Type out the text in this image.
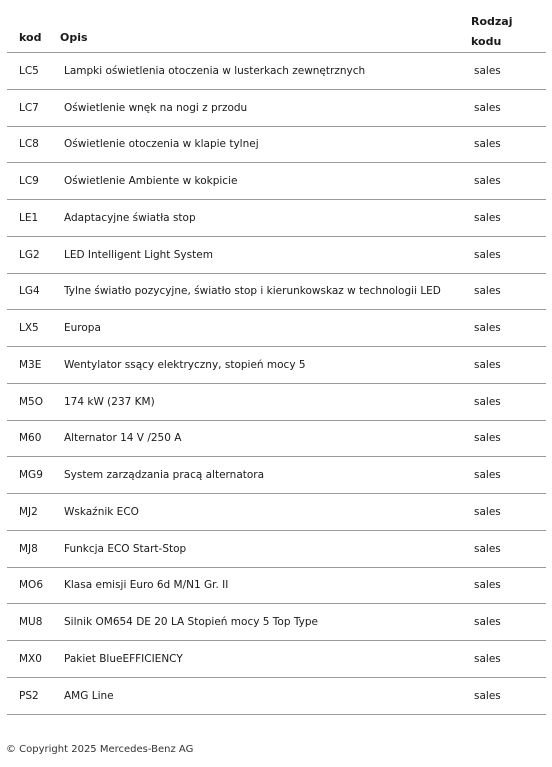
kod Opis
Rodzaj
kodu
LC5 Lampki oświetlenia otoczenia w lusterkach zewnętrznych	sales
LC7 Oświetlenie wnęk na nogi z przodu	sales
LC8 Oświetlenie otoczenia w klapie tylnej	sales
LC9 Oświetlenie Ambiente w kokpicie	sales
LE1 Adaptacyjne światła stop	sales
LG2 LED Intelligent Light System	sales
LG4 Tylne światło pozycyjne, światło stop i kierunkowskaz w technologii LED	sales
LX5 Europa	sales
M3E Wentylator ssący elektryczny, stopień mocy 5	sales
M5O 174 kW (237 KM)	sales
M60 Alternator 14 V /250 A	sales
MG9 System zarządzania pracą alternatora	sales
MJ2 Wskaźnik ECO	sales
MJ8 Funkcja ECO Start-Stop	sales
MO6 Klasa emisji Euro 6d M/N1 Gr. II	sales
MU8 Silnik OM654 DE 20 LA Stopień mocy 5 Top Type	sales
MX0 Pakiet BlueEFFICIENCY	sales
PS2 AMG Line	sales
© Copyright 2025 Mercedes-Benz AG
